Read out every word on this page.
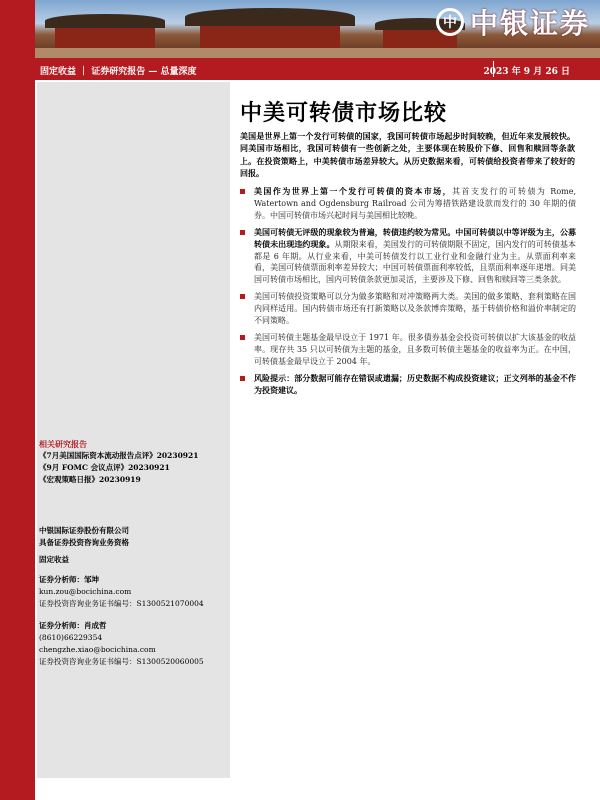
中 中银证券
固定收益 ｜ 证券研究报告 — 总量深度	2023 年 9 月 26 日
相关研究报告
《7月美国国际资本流动报告点评》20230921
《9月 FOMC 会议点评》20230921
《宏观策略日报》20230919
中银国际证券股份有限公司
具备证券投资咨询业务资格
固定收益
证券分析师：邹坤
kun.zou@bocichina.com
证券投资咨询业务证书编号：S1300521070004
证券分析师：肖成哲
(8610)66229354
chengzhe.xiao@bocichina.com
证券投资咨询业务证书编号：S1300520060005
中美可转债市场比较
美国是世界上第一个发行可转债的国家，我国可转债市场起步时间较晚，但近年来发展较快。同美国市场相比，我国可转债有一些创新之处，主要体现在转股价下修、回售和赎回等条款上。在投资策略上，中美转债市场差异较大。从历史数据来看，可转债给投资者带来了较好的回报。
美国作为世界上第一个发行可转债的资本市场，其首支发行的可转债为 Rome, Watertown and Ogdensburg Railroad 公司为筹措铁路建设款而发行的 30 年期的债券。中国可转债市场兴起时间与美国相比较晚。
美国可转债无评级的现象较为普遍，转债违约较为常见。中国可转债以中等评级为主，公募转债未出现违约现象。从期限来看，美国发行的可转债期限不固定，国内发行的可转债基本都是 6 年期。从行业来看，中美可转债发行以工业行业和金融行业为主。从票面利率来看，美国可转债票面利率差异较大；中国可转债票面利率较低，且票面利率逐年递增。同美国可转债市场相比，国内可转债条款更加灵活，主要涉及下修、回售和赎回等三类条款。
美国可转债投资策略可以分为做多策略和对冲策略两大类。美国的做多策略、套利策略在国内同样适用。国内转债市场还有打新策略以及条款博弈策略，基于转债价格和溢价率制定的不同策略。
美国可转债主题基金最早设立于 1971 年。很多債券基金会投资可转债以扩大该基金的收益率。现存共 35 只以可转债为主题的基金，且多数可转债主题基金的收益率为正。在中国，可转债基金最早设立于 2004 年。
风险提示：部分数据可能存在错误或遗漏；历史数据不构成投资建议；正文列举的基金不作为投资建议。
